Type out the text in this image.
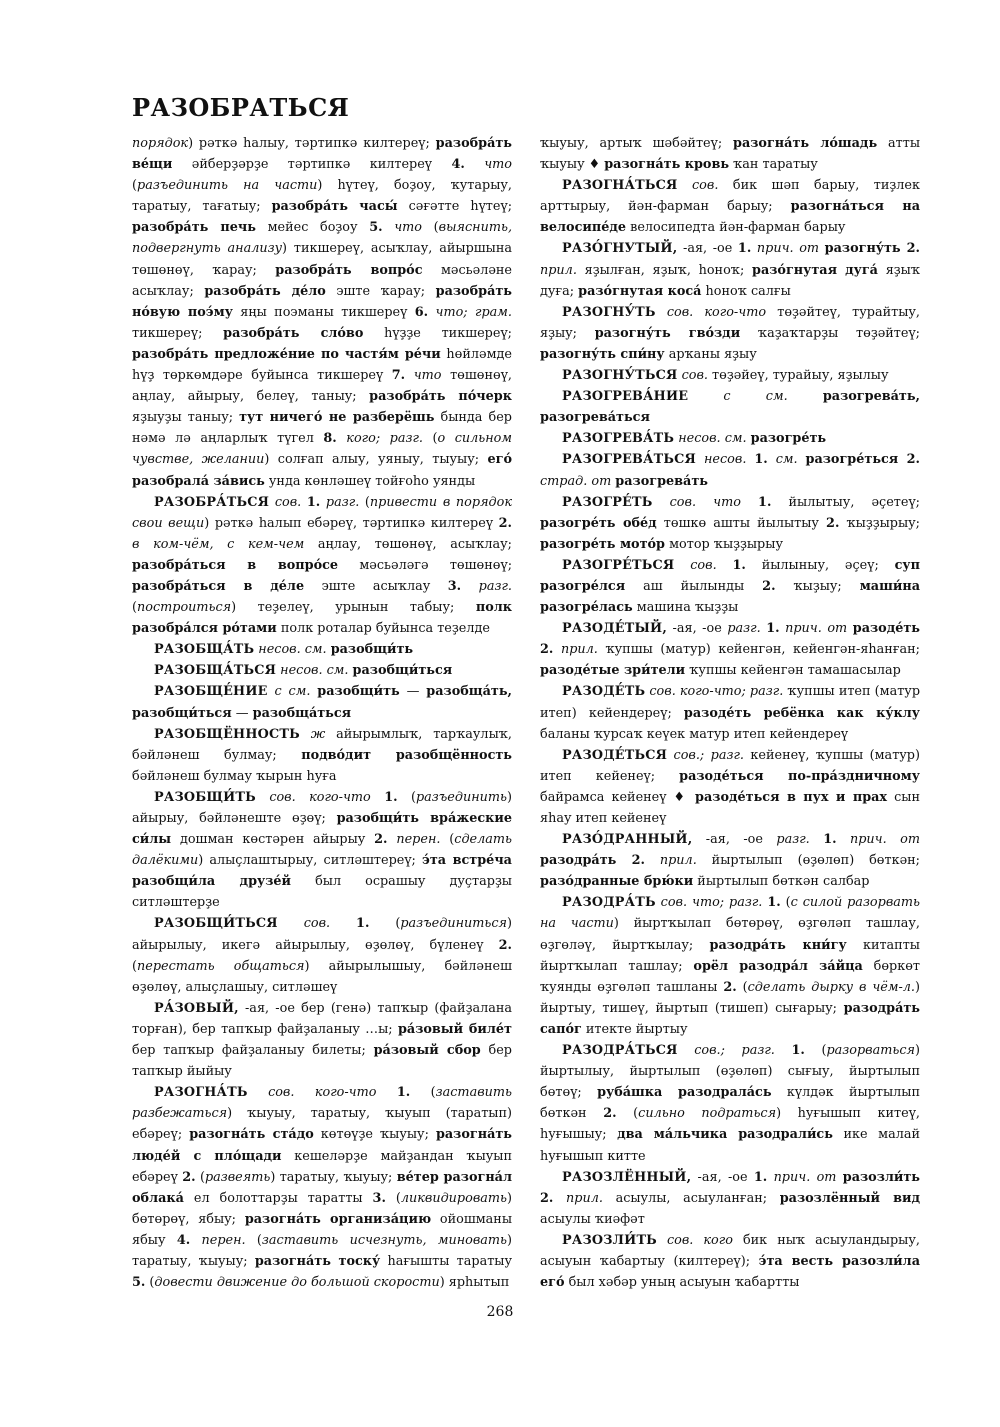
РАЗОБРАТЬСЯ

порядок) рәткә һалыу, тәртипкә килтереү; разобра́ть ве́щи әйберҙәрҙе тәртипкә килтереү 4. что (разъединить на части) һүтеү, боҙоу, ҡутарыу, таратыу, тағатыу; разобра́ть часы́ сәғәтте һүтеү; разобра́ть печь мейес боҙоу 5. что (выяснить, подвергнуть анализу) тикшереү, асыҡлау, айыршына төшөнөү, ҡарау; разобра́ть вопро́с мәсьәләне асыҡлау; разобра́ть де́ло эште ҡарау; разобра́ть но́вую поэ́му яңы поэманы тикшереү 6. что; грам. тикшереү; разобра́ть сло́во һүҙҙе тикшереү; разобра́ть предложе́ние по частя́м ре́чи һөйләмде һүҙ төркөмдәре буйынса тикшереү 7. что төшөнөү, аңлау, айырыу, белеү, таныу; разобра́ть по́черк яҙыуҙы таныу; тут ничего́ не разберёшь бында бер нәмә лә аңларлыҡ түгел 8. кого; разг. (о сильном чувстве, желании) солғап алыу, уяныу, тыуыу; его́ разобрала́ за́вись унда көнләшеү тойғоһо уянды

РАЗОБРА́ТЬСЯ сов. 1. разг. (привести в порядок свои вещи) рәткә һалып ебәреү, тәртипкә килтереү 2. в ком-чём, с кем-чем аңлау, төшөнөү, асыҡлау; разобра́ться в вопро́се мәсьәләгә төшөнөү; разобра́ться в де́ле эште асыҡлау 3. разг. (построиться) теҙелеү, урынын табыу; полк разобра́лся ро́тами полк роталар буйынса теҙелде

РАЗОБЩА́ТЬ несов. см. разобщи́ть

РАЗОБЩА́ТЬСЯ несов. см. разобщи́ться

РАЗОБЩЕ́НИЕ с см. разобщи́ть — разобща́ть, разобщи́ться — разобща́ться

РАЗОБЩЁННОСТЬ ж айырымлыҡ, тарҡаулыҡ, бәйләнеш булмау; подво́дит разобщённость бәйләнеш булмау ҡырын һуға

РАЗОБЩИ́ТЬ сов. кого-что 1. (разъединить) айырыу, бәйләнеште өҙөү; разобщи́ть вра́жеские си́лы дошман көстәрен айырыу 2. перен. (сделать далёкими) алыҫлаштырыу, ситләштереү; э́та встре́ча разобщи́ла друзе́й был осрашыу дуҫтарҙы ситләштерҙе

РАЗОБЩИ́ТЬСЯ сов. 1. (разъединиться) айырылыу, икегә айырылыу, өҙөлөү, бүленеү 2. (перестать общаться) айырылышыу, бәйләнеш өҙөлөү, алыҫлашыу, ситләшеү

РА́ЗОВЫЙ, -ая, -ое бер (генә) тапҡыр (файҙалана торған), бер тапҡыр файҙаланыу …ы; ра́зовый биле́т бер тапҡыр файҙаланыу билеты; ра́зовый сбор бер тапҡыр йыйыу

РАЗОГНА́ТЬ сов. кого-что 1. (заставить разбежаться) ҡыуыу, таратыу, ҡыуып (таратып) ебәреү; разогна́ть ста́до көтөүҙе ҡыуыу; разогна́ть люде́й с пло́щади кешеләрҙе майҙандан ҡыуып ебәреү 2. (развеять) таратыу, ҡыуыу; ве́тер разогна́л облака́ ел болоттарҙы таратты 3. (ликвидировать) бөтөрөү, ябыу; разогна́ть организа́цию ойошманы ябыу 4. перен. (заставить исчезнуть, миновать) таратыу, ҡыуыу; разогна́ть тоску́ һағышты таратыу 5. (довести движение до большой скорости) ярһытып

ҡыуыу, артыҡ шәбәйтеү; разогна́ть ло́шадь атты ҡыуыу ♦ разогна́ть кровь ҡан таратыу

РАЗОГНА́ТЬСЯ сов. бик шәп барыу, тиҙлек арттырыу, йән-фарман барыу; разогна́ться на велосипе́де велосипедта йән-фарман барыу

РАЗО́ГНУТЫЙ, -ая, -ое 1. прич. от разогну́ть 2. прил. яҙылған, яҙыҡ, һоноҡ; разо́гнутая дуга́ яҙыҡ дуға; разо́гнутая коса́ һоноҡ салғы

РАЗОГНУ́ТЬ сов. кого-что төҙәйтеү, турайтыу, яҙыу; разогну́ть гво́зди ҡаҙаҡтарҙы төҙәйтеү; разогну́ть спи́ну арҡаны яҙыу

РАЗОГНУ́ТЬСЯ сов. төҙәйеү, турайыу, яҙылыу

РАЗОГРЕВА́НИЕ	с см.	разогрева́ть, разогрева́ться

РАЗОГРЕВА́ТЬ несов. см. разогре́ть

РАЗОГРЕВА́ТЬСЯ несов. 1. см. разогре́ться 2. страд. от разогрева́ть

РАЗОГРЕ́ТЬ сов. что 1. йылытыу, әҫетеү; разогре́ть обе́д төшкө ашты йылытыу 2. ҡыҙҙырыу; разогре́ть мото́р мотор ҡыҙҙырыу

РАЗОГРЕ́ТЬСЯ сов. 1. йылыныу, әҫеү; суп разогре́лся аш йылынды 2. ҡыҙыу; маши́на разогре́лась машина ҡыҙҙы

РАЗОДЕ́ТЫЙ, -ая, -ое разг. 1. прич. от разоде́ть 2. прил. ҡупшы (матур) кейенгән, кейенгән-яһанған; разоде́тые зри́тели ҡупшы кейенгән тамашасылар

РАЗОДЕ́ТЬ сов. кого-что; разг. ҡупшы итеп (матур итеп) кейендереү; разоде́ть ребёнка как ку́клу баланы ҡурсаҡ кеүек матур итеп кейендереү

РАЗОДЕ́ТЬСЯ сов.; разг. кейенеү, ҡупшы (матур) итеп кейенеү; разоде́ться по-пра́здничному байрамса кейенеү ♦ разоде́ться в пух и прах сын яһау итеп кейенеү

РАЗО́ДРАННЫЙ, -ая, -ое разг. 1. прич. от разодра́ть 2. прил. йыртылып (өҙөлөп) бөткән; разо́дранные брю́ки йыртылып бөткән салбар

РАЗОДРА́ТЬ сов. что; разг. 1. (с силой разорвать на части) йыртҡылап бөтөрөү, өҙгөләп ташлау, өҙгөләү, йыртҡылау; разодра́ть кни́гу китапты йыртҡылап ташлау; орёл разодра́л за́йца бөркөт ҡуянды өҙгөләп ташланы 2. (сделать дырку в чём-л.) йыртыу, тишеү, йыртып (тишеп) сығарыу; разодра́ть сапо́г итекте йыртыу

РАЗОДРА́ТЬСЯ сов.; разг. 1. (разорваться) йыртылыу, йыртылып (өҙөлөп) сығыу, йыртылып бөтөү; руба́шка разодрала́сь күлдәк йыртылып бөткән 2. (сильно подраться) һуғышып китеү, һуғышыу; два ма́льчика разодрали́сь ике малай һуғышып китте

РАЗОЗЛЁННЫЙ, -ая, -ое 1. прич. от разозли́ть 2. прил. асыулы, асыуланған; разозлённый вид асыулы ҡиәфәт

РАЗОЗЛИ́ТЬ сов. кого бик ныҡ асыуландырыу, асыуын ҡабартыу (килтереү); э́та весть разозли́ла его́ был хәбәр уның асыуын ҡабартты

268
